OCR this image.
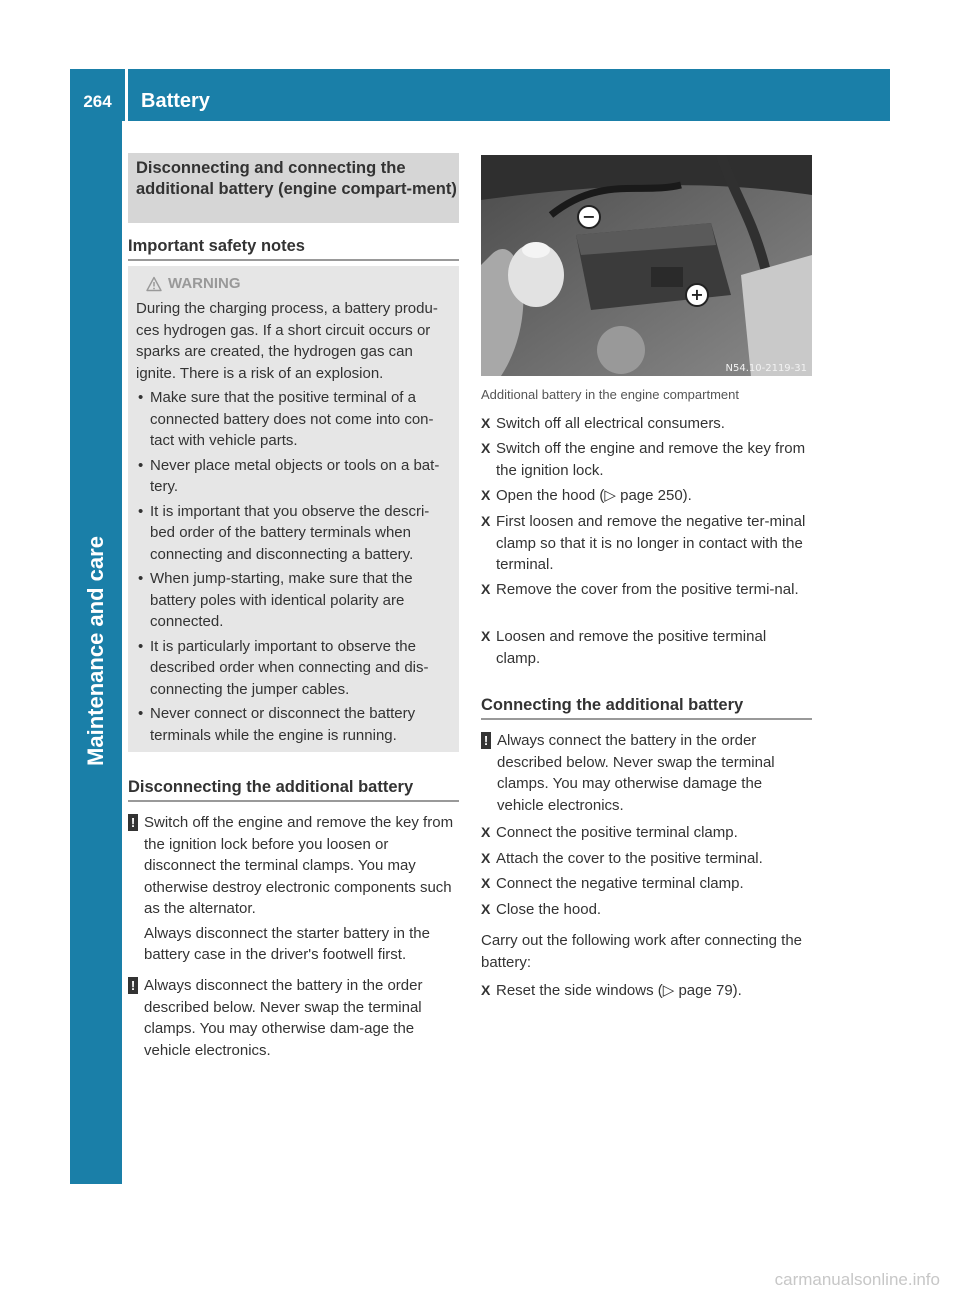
264	Battery
Maintenance and care
Disconnecting and connecting the additional battery (engine compart-ment)
Important safety notes
WARNING
During the charging process, a battery produ-ces hydrogen gas. If a short circuit occurs or sparks are created, the hydrogen gas can ignite. There is a risk of an explosion.
• Make sure that the positive terminal of a connected battery does not come into con-tact with vehicle parts.
• Never place metal objects or tools on a bat-tery.
• It is important that you observe the descri-bed order of the battery terminals when connecting and disconnecting a battery.
• When jump-starting, make sure that the battery poles with identical polarity are connected.
• It is particularly important to observe the described order when connecting and dis-connecting the jumper cables.
• Never connect or disconnect the battery terminals while the engine is running.
Disconnecting the additional battery
! Switch off the engine and remove the key from the ignition lock before you loosen or disconnect the terminal clamps. You may otherwise destroy electronic components such as the alternator.

Always disconnect the starter battery in the battery case in the driver's footwell first.

! Always disconnect the battery in the order described below. Never swap the terminal clamps. You may otherwise dam-age the vehicle electronics.

−
+
N54.10-2119-31
Additional battery in the engine compartment
X Switch off all electrical consumers.
X Switch off the engine and remove the key from the ignition lock.
X Open the hood (▷ page 250).
X First loosen and remove the negative ter-minal clamp so that it is no longer in contact with the terminal.
X Remove the cover from the positive termi-nal.
X Loosen and remove the positive terminal clamp.
Connecting the additional battery
! Always connect the battery in the order described below. Never swap the terminal clamps. You may otherwise damage the vehicle electronics.

X Connect the positive terminal clamp.
X Attach the cover to the positive terminal.
X Connect the negative terminal clamp.
X Close the hood.
Carry out the following work after connecting the battery:
X Reset the side windows (▷ page 79).
carmanualsonline.info
